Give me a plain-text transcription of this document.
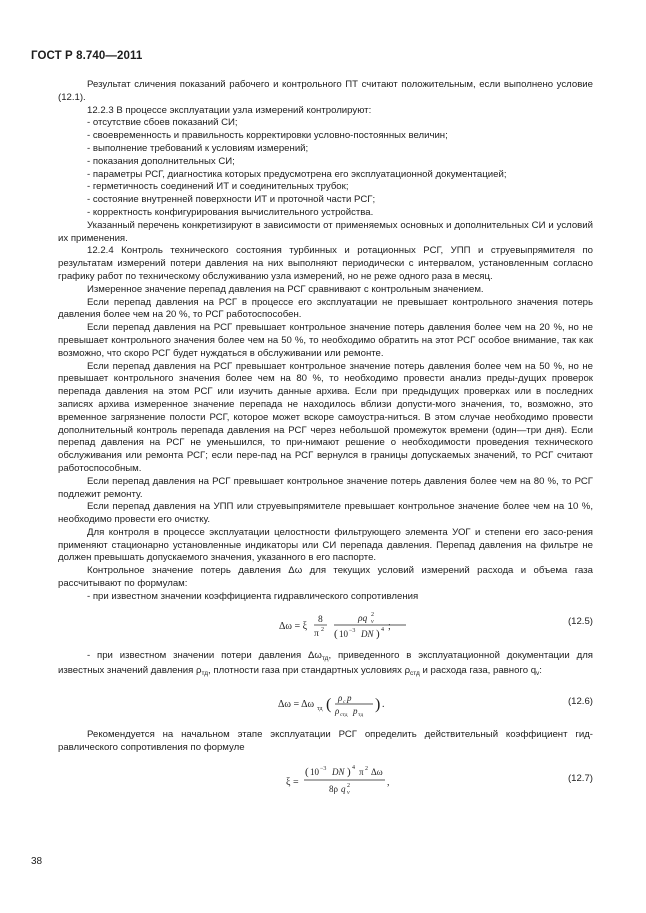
ГОСТ Р 8.740—2011

Результат сличения показаний рабочего и контрольного ПТ считают положительным, если выполнено условие (12.1).

12.2.3 В процессе эксплуатации узла измерений контролируют:

- отсутствие сбоев показаний СИ;

- своевременность и правильность корректировки условно-постоянных величин;

- выполнение требований к условиям измерений;

- показания дополнительных СИ;

- параметры РСГ, диагностика которых предусмотрена его эксплуатационной документацией;

- герметичность соединений ИТ и соединительных трубок;

- состояние внутренней поверхности ИТ и проточной части РСГ;

- корректность конфигурирования вычислительного устройства.

Указанный перечень конкретизируют в зависимости от применяемых основных и дополнительных СИ и условий их применения.

12.2.4 Контроль технического состояния турбинных и ротационных РСГ, УПП и струевыпрямителя по результатам измерений потери давления на них выполняют периодически с интервалом, установленным согласно графику работ по техническому обслуживанию узла измерений, но не реже одного раза в месяц.

Измеренное значение перепад давления на РСГ сравнивают с контрольным значением.

Если перепад давления на РСГ в процессе его эксплуатации не превышает контрольного значения потерь давления более чем на 20 %, то РСГ работоспособен.

Если перепад давления на РСГ превышает контрольное значение потерь давления более чем на 20 %, но не превышает контрольного значения более чем на 50 %, то необходимо обратить на этот РСГ особое внимание, так как возможно, что скоро РСГ будет нуждаться в обслуживании или ремонте.

Если перепад давления на РСГ превышает контрольное значение потерь давления более чем на 50 %, но не превышает контрольного значения более чем на 80 %, то необходимо провести анализ преды-дущих проверок перепада давления на этом РСГ или изучить данные архива. Если при предыдущих проверках или в последних записях архива измеренное значение перепада не находилось вблизи допусти-мого значения, то, возможно, это временное загрязнение полости РСГ, которое может вскоре самоустра-ниться. В этом случае необходимо провести дополнительный контроль перепада давления на РСГ через небольшой промежуток времени (один—три дня). Если перепад давления на РСГ не уменьшился, то при-нимают решение о необходимости проведения технического обслуживания или ремонта РСГ; если пере-пад на РСГ вернулся в границы допускаемых значений, то РСГ считают работоспособным.

Если перепад давления на РСГ превышает контрольное значение потерь давления более чем на 80 %, то РСГ подлежит ремонту.

Если перепад давления на УПП или струевыпрямителе превышает контрольное значение более чем на 10 %, необходимо провести его очистку.

Для контроля в процессе эксплуатации целостности фильтрующего элемента УОГ и степени его засо-рения применяют стационарно установленные индикаторы или СИ перепада давления. Перепад давления на фильтре не должен превышать допускаемого значения, указанного в его паспорте.

Контрольное значение потерь давления Δω для текущих условий измерений расхода и объема газа рассчитывают по формулам:

- при известном значении коэффициента гидравлического сопротивления

Δω = ξ
8
π 2
ρq 2
v
( 10 −3 DN ) 4 ;	(12.5)

- при известном значении потери давления $\Delta\omega_{тд}$, приведенного в эксплуатационной документации для известных значений давления $\rho_{тд}$, плотности газа при стандартных условиях $\rho_{стд}$ и расхода газа, равного $q_v$:

Δω = Δω тд ( ρ c p
ρ стд p тд
) .	(12.6)

Рекомендуется на начальном этапе эксплуатации РСГ определить действительный коэффициент гид-равлического сопротивления по формуле

ξ =
( 10 −3 DN ) 4 π 2 Δω
8ρ q 2
v
,	(12.7)
38
